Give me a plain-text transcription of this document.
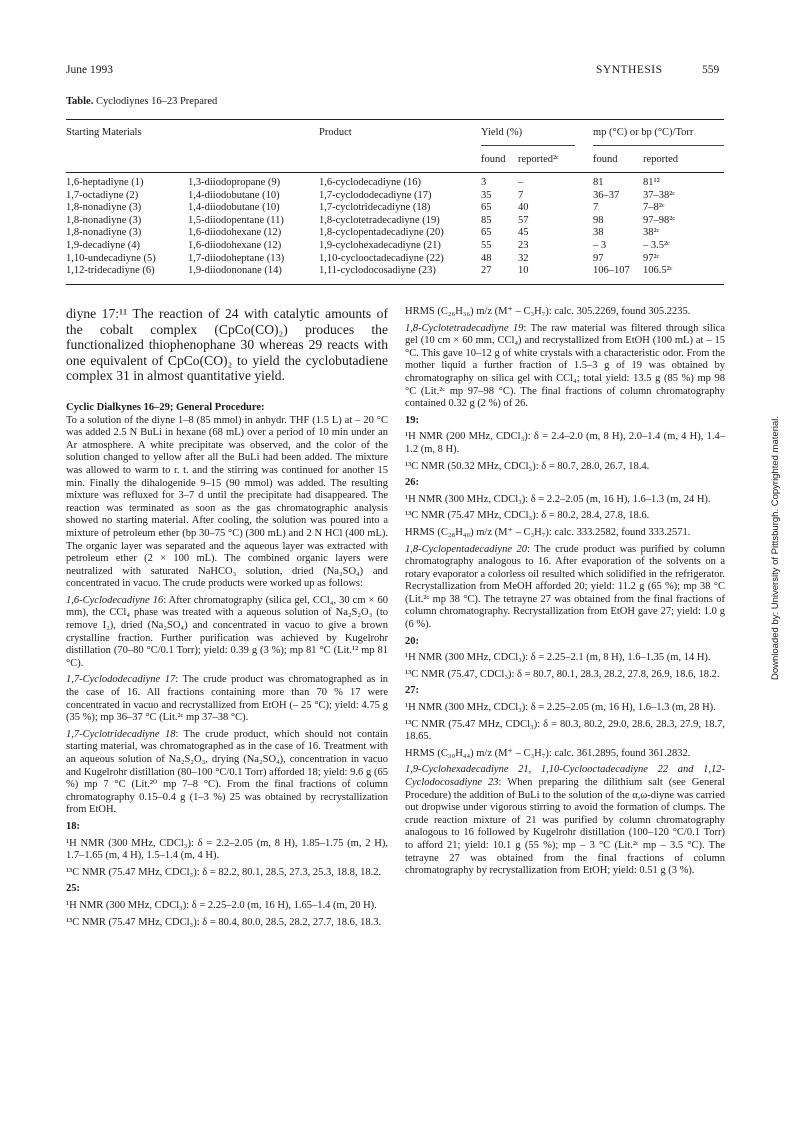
June 1993	SYNTHESIS	559
Table. Cyclodiynes 16–23 Prepared
Starting Materials	Product	Yield (%)	mp (°C) or bp (°C)/Torr
found reported²ᶜ	found reported
1,6-heptadiyne (1)	1,3-diiodopropane (9)	1,6-cyclodecadiyne (16)	3	–	81	81¹²
1,7-octadiyne (2)	1,4-diiodobutane (10)	1,7-cyclododecadiyne (17)	35	7	36–37	37–38²ᶜ
1,8-nonadiyne (3)	1,4-diiodobutane (10)	1,7-cyclotridecadiyne (18)	65	40	7	7–8²ᶜ
1,8-nonadiyne (3)	1,5-diiodopentane (11)	1,8-cyclotetradecadiyne (19)	85	57	98	97–98²ᶜ
1,8-nonadiyne (3)	1,6-diiodohexane (12)	1,8-cyclopentadecadiyne (20)	65	45	38	38²ᶜ
1,9-decadiyne (4)	1,6-diiodohexane (12)	1,9-cyclohexadecadiyne (21)	55	23	– 3	– 3.5²ᶜ
1,10-undecadiyne (5)	1,7-diiodoheptane (13)	1,10-cyclooctadecadiyne (22)	48	32	97	97²ᶜ
1,12-tridecadiyne (6)	1,9-diiodononane (14)	1,11-cyclodocosadiyne (23)	27	10	106–107	106.5²ᶜ

diyne 17:¹¹ The reaction of 24 with catalytic amounts of the cobalt complex (CpCo(CO)₂) produces the functionalized thiophenophane 30 whereas 29 reacts with one equivalent of CpCo(CO)₂ to yield the cyclobutadiene complex 31 in almost quantitative yield.

Cyclic Dialkynes 16–29; General Procedure:

To a solution of the diyne 1–8 (85 mmol) in anhydr. THF (1.5 L) at – 20 °C was added 2.5 N BuLi in hexane (68 mL) over a period of 10 min under an Ar atmosphere. A white precipitate was observed, and the color of the solution changed to yellow after all the BuLi had been added. The mixture was allowed to warm to r. t. and the stirring was continued for another 15 min. Finally the dihalogenide 9–15 (90 mmol) was added. The resulting mixture was refluxed for 3–7 d until the precipitate had disappeared. The reaction was terminated as soon as the gas chromatographic analysis showed no starting material. After cooling, the solution was poured into a mixture of petroleum ether (bp 30–75 °C) (300 mL) and 2 N HCl (400 mL). The organic layer was separated and the aqueous layer was extracted with petroleum ether (2 × 100 mL). The combined organic layers were neutralized with saturated NaHCO₃ solution, dried (Na₂SO₄) and concentrated in vacuo. The crude products were worked up as follows:

1,6-Cyclodecadiyne 16: After chromatography (silica gel, CCl₄, 30 cm × 60 mm), the CCl₄ phase was treated with a aqueous solution of Na₂S₂O₃ (to remove I₂), dried (Na₂SO₄) and concentrated in vacuo to give a brown crystalline fraction. Further purification was achieved by Kugelrohr distillation (70–80 °C/0.1 Torr); yield: 0.39 g (3 %); mp 81 °C (Lit.¹² mp 81 °C).

1,7-Cyclododecadiyne 17: The crude product was chromatographed as in the case of 16. All fractions containing more than 70 % 17 were concentrated in vacuo and recrystallized from EtOH (– 25 °C); yield: 4.75 g (35 %); mp 36–37 °C (Lit.²ᶜ mp 37–38 °C).

1,7-Cyclotridecadiyne 18: The crude product, which should not contain starting material, was chromatographed as in the case of 16. Treatment with an aqueous solution of Na₂S₂O₃, drying (Na₂SO₄), concentration in vacuo and Kugelrohr distillation (80–100 °C/0.1 Torr) afforded 18; yield: 9.6 g (65 %) mp 7 °C (Lit.²⁰ mp 7–8 °C). From the final fractions of column chromatography 0.15–0.4 g (1–3 %) 25 was obtained by recrystallization from EtOH.

18:

¹H NMR (300 MHz, CDCl₃): δ = 2.2–2.05 (m, 8 H), 1.85–1.75 (m, 2 H), 1.7–1.65 (m, 4 H), 1.5–1.4 (m, 4 H).

¹³C NMR (75.47 MHz, CDCl₃): δ = 82.2, 80.1, 28.5, 27.3, 25.3, 18.8, 18.2.

25:

¹H NMR (300 MHz, CDCl₃): δ = 2.25–2.0 (m, 16 H), 1.65–1.4 (m, 20 H).

¹³C NMR (75.47 MHz, CDCl₃): δ = 80.4, 80.0, 28.5, 28.2, 27.7, 18.6, 18.3.

HRMS (C₂₆H₃₆) m/z (M⁺ – C₃H₇): calc. 305.2269, found 305.2235.

1,8-Cyclotetradecadiyne 19: The raw material was filtered through silica gel (10 cm × 60 mm, CCl₄) and recrystallized from EtOH (100 mL) at – 15 °C. This gave 10–12 g of white crystals with a characteristic odor. From the mother liquid a further fraction of 1.5–3 g of 19 was obtained by chromatography on silica gel with CCl₄; total yield: 13.5 g (85 %) mp 98 °C (Lit.²ᶜ mp 97–98 °C). The final fractions of column chromatography contained 0.32 g (2 %) of 26.

19:

¹H NMR (200 MHz, CDCl₃): δ = 2.4–2.0 (m, 8 H), 2.0–1.4 (m, 4 H), 1.4–1.2 (m, 8 H).

¹³C NMR (50.32 MHz, CDCl₃): δ = 80.7, 28.0, 26.7, 18.4.

26:

¹H NMR (300 MHz, CDCl₃): δ = 2.2–2.05 (m, 16 H), 1.6–1.3 (m, 24 H).

¹³C NMR (75.47 MHz, CDCl₃): δ = 80.2, 28.4, 27.8, 18.6.

HRMS (C₂₈H₄₀) m/z (M⁺ – C₃H₇): calc. 333.2582, found 333.2571.

1,8-Cyclopentadecadiyne 20: The crude product was purified by column chromatography analogous to 16. After evaporation of the solvents on a rotary evaporator a colorless oil resulted which solidified in the refrigerator. Recrystallization from MeOH afforded 20; yield: 11.2 g (65 %); mp 38 °C (Lit.²ᶜ mp 38 °C). The tetrayne 27 was obtained from the final fractions of column chromatography. Recrystallization from EtOH gave 27; yield: 1.0 g (6 %).

20:

¹H NMR (300 MHz, CDCl₃): δ = 2.25–2.1 (m, 8 H), 1.6–1.35 (m, 14 H).

¹³C NMR (75.47, CDCl₃): δ = 80.7, 80.1, 28.3, 28.2, 27.8, 26.9, 18.6, 18.2.

27:

¹H NMR (300 MHz, CDCl₃): δ = 2.25–2.05 (m, 16 H), 1.6–1.3 (m, 28 H).

¹³C NMR (75.47 MHz, CDCl₃): δ = 80.3, 80.2, 29.0, 28.6, 28.3, 27.9, 18.7, 18.65.

HRMS (C₃₀H₄₄) m/z (M⁺ – C₃H₇): calc. 361.2895, found 361.2832.

1,9-Cyclohexadecadiyne 21, 1,10-Cyclooctadecadiyne 22 and 1,12-Cyclodocosadiyne 23: When preparing the dilithium salt (see General Procedure) the addition of BuLi to the solution of the α,ω-diyne was carried out dropwise under vigorous stirring to avoid the formation of clumps. The crude reaction mixture of 21 was purified by column chromatography analogous to 16 followed by Kugelrohr distillation (100–120 °C/0.1 Torr) to afford 21; yield: 10.1 g (55 %); mp – 3 °C (Lit.²ᶜ mp – 3.5 °C). The tetrayne 27 was obtained from the final fractions of column chromatography by recrystallization from EtOH; yield: 0.51 g (3 %).

Downloaded by: University of Pittsburgh. Copyrighted material.
